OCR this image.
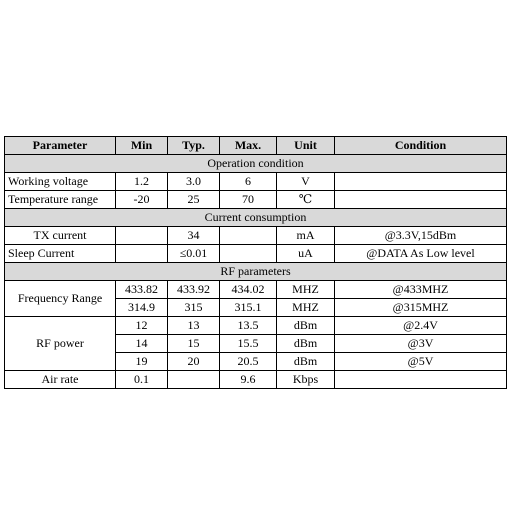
Parameter	Min	Typ.	Max.	Unit	Condition
Operation condition					
Working voltage	1.2	3.0	6	V	
Temperature range	-20	25	70	℃	
Current consumption					
TX current		34		mA	@3.3V,15dBm
Sleep Current		≤0.01		uA	@DATA As Low level
RF parameters					
Frequency Range	433.82	433.92	434.02	MHZ	@433MHZ
	314.9	315	315.1	MHZ	@315MHZ
RF power	12	13	13.5	dBm	@2.4V
	14	15	15.5	dBm	@3V
	19	20	20.5	dBm	@5V
Air rate	0.1		9.6	Kbps	
